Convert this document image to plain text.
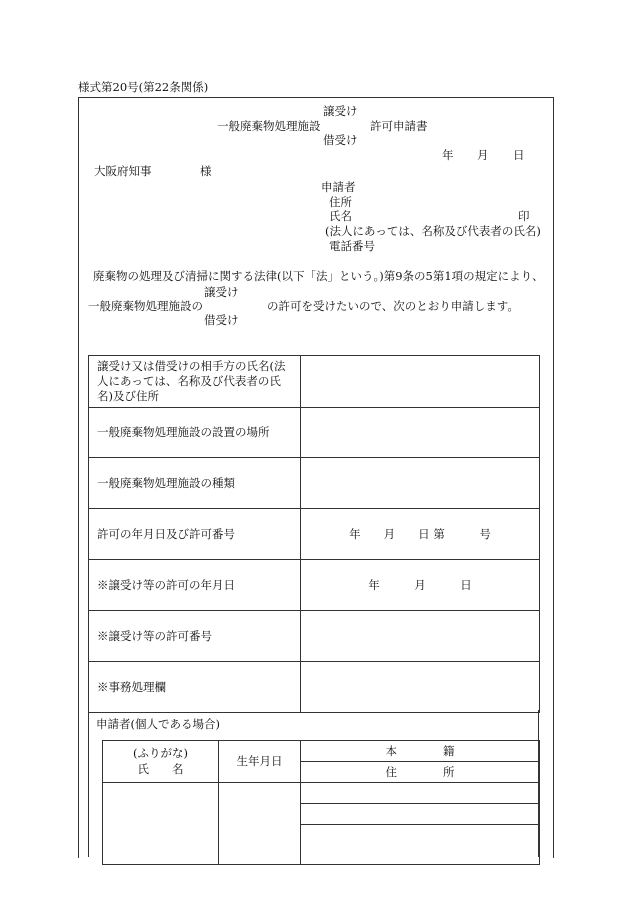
様式第20号(第22条関係)
譲受け
一般廃棄物処理施設	許可申請書
借受け
年 月 日
大阪府知事	様
申請者
住所
氏名	印
(法人にあっては、名称及び代表者の氏名)
電話番号
廃棄物の処理及び清掃に関する法律(以下「法」という。)第9条の5第1項の規定により、
譲受け
一般廃棄物処理施設の	の許可を受けたいので、次のとおり申請します。
借受け
譲受け又は借受けの相手方の氏名(法人にあっては、名称及び代表者の氏名)及び住所	
一般廃棄物処理施設の設置の場所	
一般廃棄物処理施設の種類	
許可の年月日及び許可番号	年　　月　　日 第　　　号
※譲受け等の許可の年月日	年　　　月　　　日
※譲受け等の許可番号	
※事務処理欄	
申請者(個人である場合)
(ふりがな)
氏　　名	生年月日	本　　　　籍
		住　　　　所
